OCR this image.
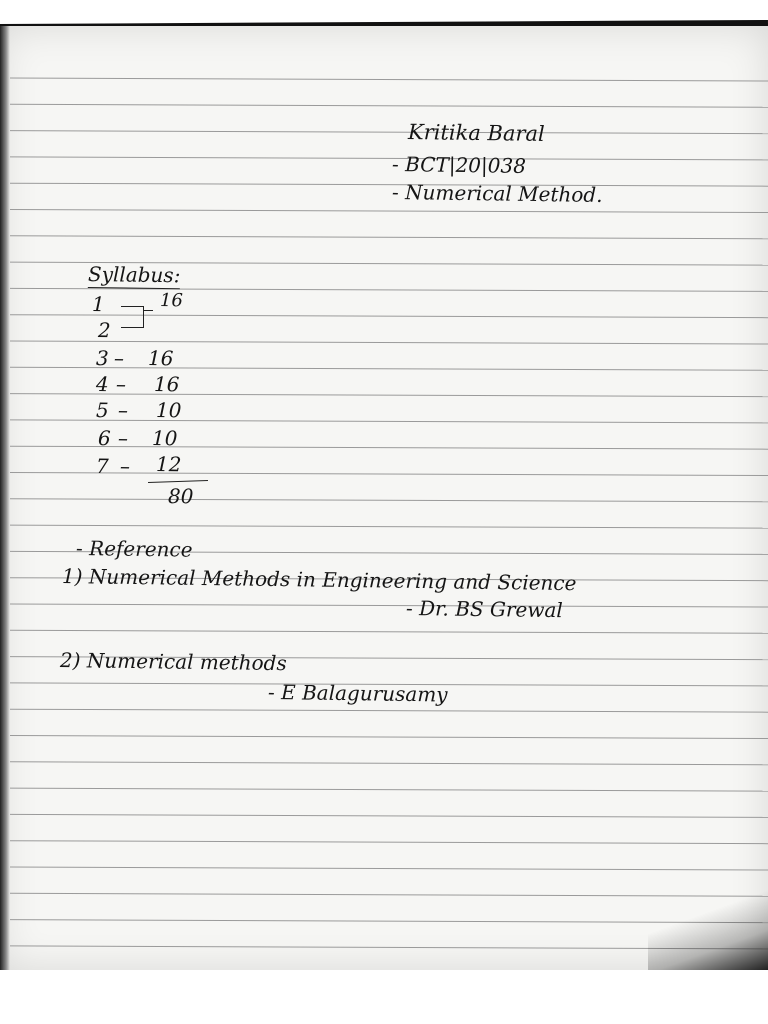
Kritika Baral
- BCT|20|038
- Numerical Method.
Syllabus:
1	16
2
3 – 16
4 – 16
5 – 10
6 – 10
7 – 12
80
- Reference
1) Numerical Methods in Engineering and Science
- Dr. BS Grewal
2) Numerical methods
- E Balagurusamy
